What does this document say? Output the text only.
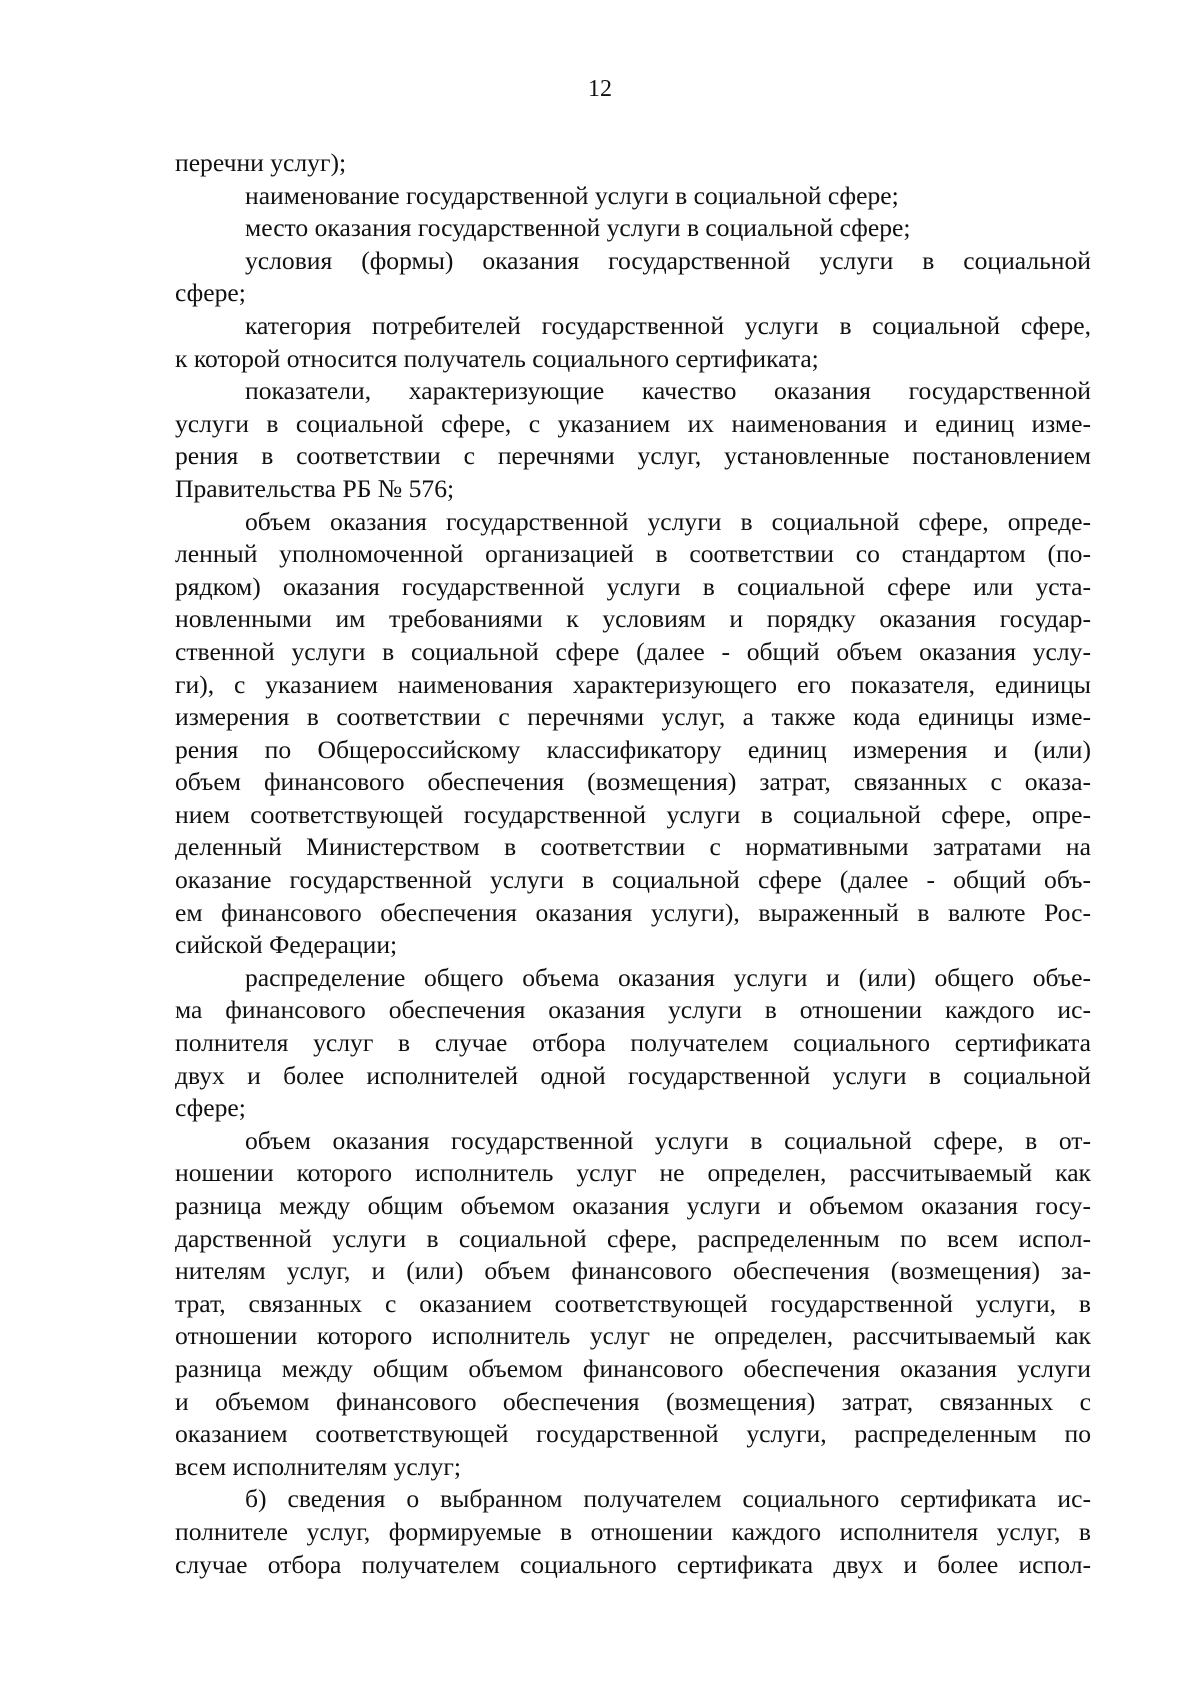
12
перечни услуг);
наименование государственной услуги в социальной сфере;
место оказания государственной услуги в социальной сфере;
условия (формы) оказания государственной услуги в социальной
сфере;
категория потребителей государственной услуги в социальной сфере,
к которой относится получатель социального сертификата;
показатели, характеризующие качество оказания государственной
услуги в социальной сфере, с указанием их наименования и единиц изме-
рения в соответствии с перечнями услуг, установленные постановлением
Правительства РБ № 576;
объем оказания государственной услуги в социальной сфере, опреде-
ленный уполномоченной организацией в соответствии со стандартом (по-
рядком) оказания государственной услуги в социальной сфере или уста-
новленными им требованиями к условиям и порядку оказания государ-
ственной услуги в социальной сфере (далее - общий объем оказания услу-
ги), с указанием наименования характеризующего его показателя, единицы
измерения в соответствии с перечнями услуг, а также кода единицы изме-
рения по Общероссийскому классификатору единиц измерения и (или)
объем финансового обеспечения (возмещения) затрат, связанных с оказа-
нием соответствующей государственной услуги в социальной сфере, опре-
деленный Министерством в соответствии с нормативными затратами на
оказание государственной услуги в социальной сфере (далее - общий объ-
ем финансового обеспечения оказания услуги), выраженный в валюте Рос-
сийской Федерации;
распределение общего объема оказания услуги и (или) общего объе-
ма финансового обеспечения оказания услуги в отношении каждого ис-
полнителя услуг в случае отбора получателем социального сертификата
двух и более исполнителей одной государственной услуги в социальной
сфере;
объем оказания государственной услуги в социальной сфере, в от-
ношении которого исполнитель услуг не определен, рассчитываемый как
разница между общим объемом оказания услуги и объемом оказания госу-
дарственной услуги в социальной сфере, распределенным по всем испол-
нителям услуг, и (или) объем финансового обеспечения (возмещения) за-
трат, связанных с оказанием соответствующей государственной услуги, в
отношении которого исполнитель услуг не определен, рассчитываемый как
разница между общим объемом финансового обеспечения оказания услуги
и объемом финансового обеспечения (возмещения) затрат, связанных с
оказанием соответствующей государственной услуги, распределенным по
всем исполнителям услуг;
б) сведения о выбранном получателем социального сертификата ис-
полнителе услуг, формируемые в отношении каждого исполнителя услуг, в
случае отбора получателем социального сертификата двух и более испол-
